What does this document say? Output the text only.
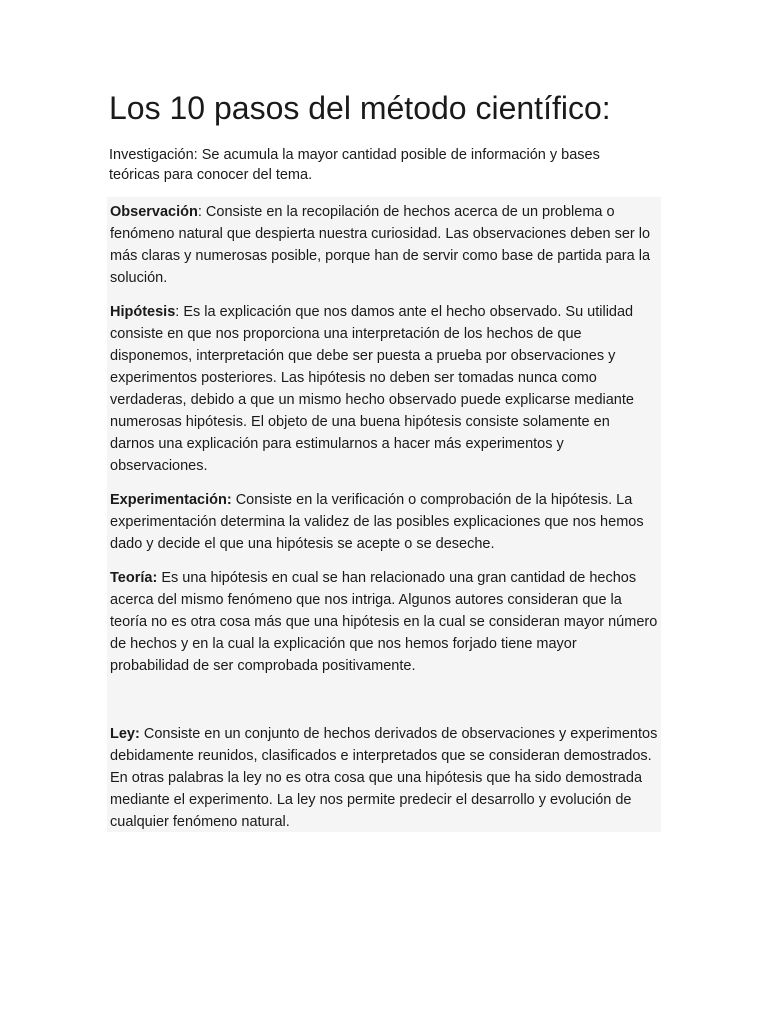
Los 10 pasos del método científico:

Investigación: Se acumula la mayor cantidad posible de información y bases teóricas para conocer del tema.

Observación: Consiste en la recopilación de hechos acerca de un problema o fenómeno natural que despierta nuestra curiosidad. Las observaciones deben ser lo más claras y numerosas posible, porque han de servir como base de partida para la solución.

Hipótesis: Es la explicación que nos damos ante el hecho observado. Su utilidad consiste en que nos proporciona una interpretación de los hechos de que disponemos, interpretación que debe ser puesta a prueba por observaciones y experimentos posteriores. Las hipótesis no deben ser tomadas nunca como verdaderas, debido a que un mismo hecho observado puede explicarse mediante numerosas hipótesis. El objeto de una buena hipótesis consiste solamente en darnos una explicación para estimularnos a hacer más experimentos y observaciones.

Experimentación: Consiste en la verificación o comprobación de la hipótesis. La experimentación determina la validez de las posibles explicaciones que nos hemos dado y decide el que una hipótesis se acepte o se deseche.

Teoría: Es una hipótesis en cual se han relacionado una gran cantidad de hechos acerca del mismo fenómeno que nos intriga. Algunos autores consideran que la teoría no es otra cosa más que una hipótesis en la cual se consideran mayor número de hechos y en la cual la explicación que nos hemos forjado tiene mayor probabilidad de ser comprobada positivamente.

Ley: Consiste en un conjunto de hechos derivados de observaciones y experimentos debidamente reunidos, clasificados e interpretados que se consideran demostrados. En otras palabras la ley no es otra cosa que una hipótesis que ha sido demostrada mediante el experimento. La ley nos permite predecir el desarrollo y evolución de cualquier fenómeno natural.
